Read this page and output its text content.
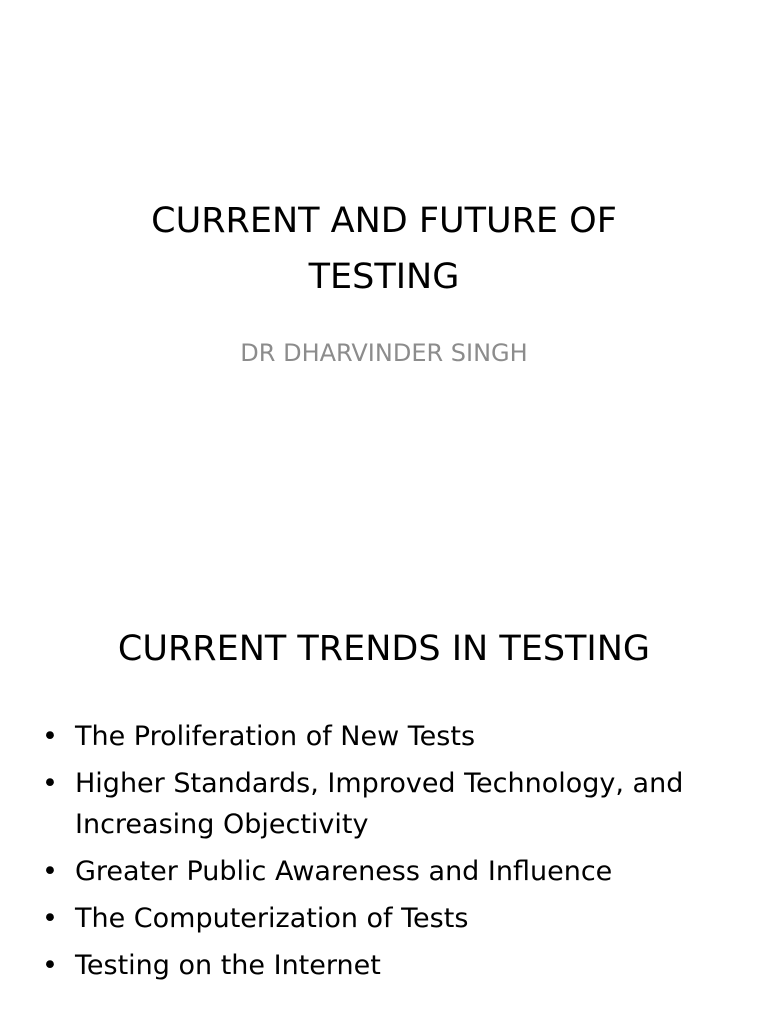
CURRENT AND FUTURE OF TESTING

DR DHARVINDER SINGH

CURRENT TRENDS IN TESTING
• The Proliferation of New Tests
• Higher Standards, Improved Technology, and Increasing Objectivity
• Greater Public Awareness and Influence
• The Computerization of Tests
• Testing on the Internet
